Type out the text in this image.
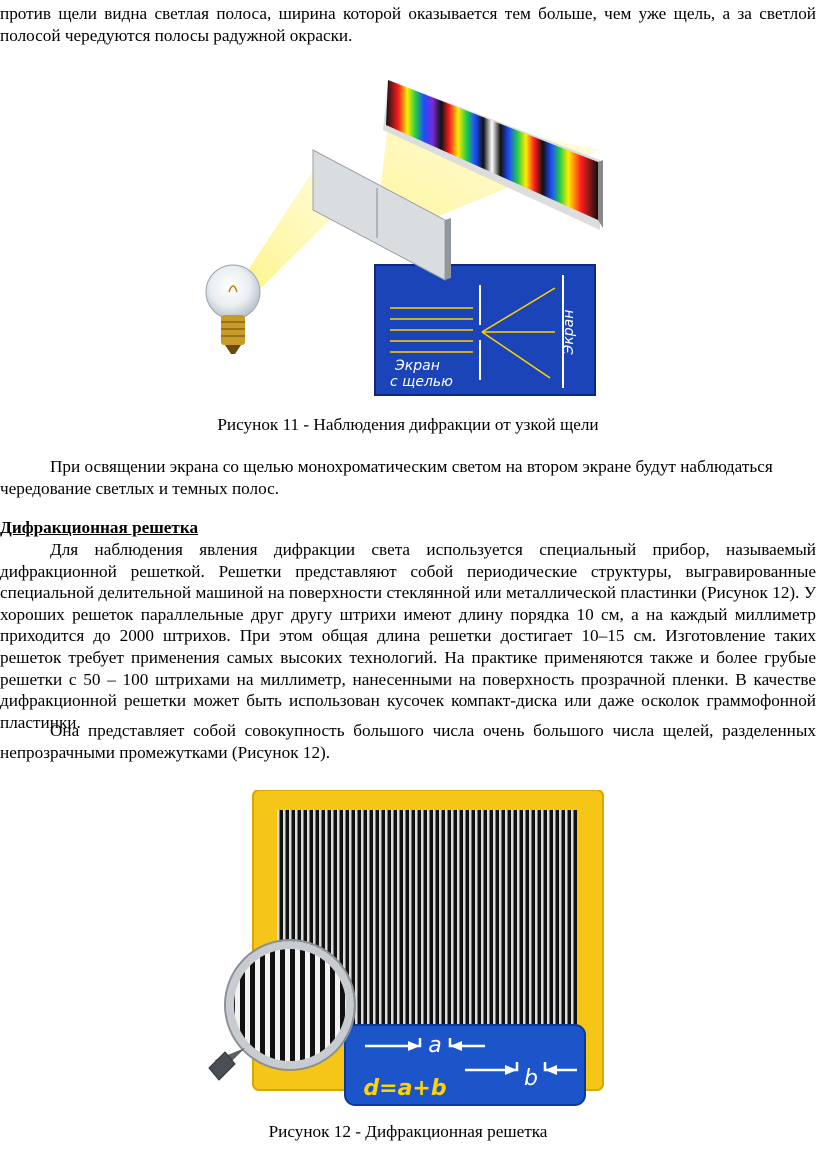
против щели видна светлая полоса, ширина которой оказывается тем больше, чем уже щель, а за светлой полосой чередуются полосы радужной окраски.
Экран
Экран
с щелью
Рисунок 11 - Наблюдения дифракции от узкой щели
При освящении экрана со щелью монохроматическим светом на втором экране будут наблюдаться чередование светлых и темных полос.
Дифракционная решетка
Для наблюдения явления дифракции света используется специальный прибор, называемый дифракционной решеткой. Решетки представляют собой периодические структуры, выгравированные специальной делительной машиной на поверхности стеклянной или металлической пластинки (Рисунок 12). У хороших решеток параллельные друг другу штрихи имеют длину порядка 10 см, а на каждый миллиметр приходится до 2000 штрихов. При этом общая длина решетки достигает 10–15 см. Изготовление таких решеток требует применения самых высоких технологий. На практике применяются также и более грубые решетки с 50 – 100 штрихами на миллиметр, нанесенными на поверхность прозрачной пленки. В качестве дифракционной решетки может быть использован кусочек компакт-диска или даже осколок граммофонной пластинки.
Она представляет собой совокупность большого числа очень большого числа щелей, разделенных непрозрачными промежутками (Рисунок 12).
a
b
d=a+b
Рисунок 12 - Дифракционная решетка
